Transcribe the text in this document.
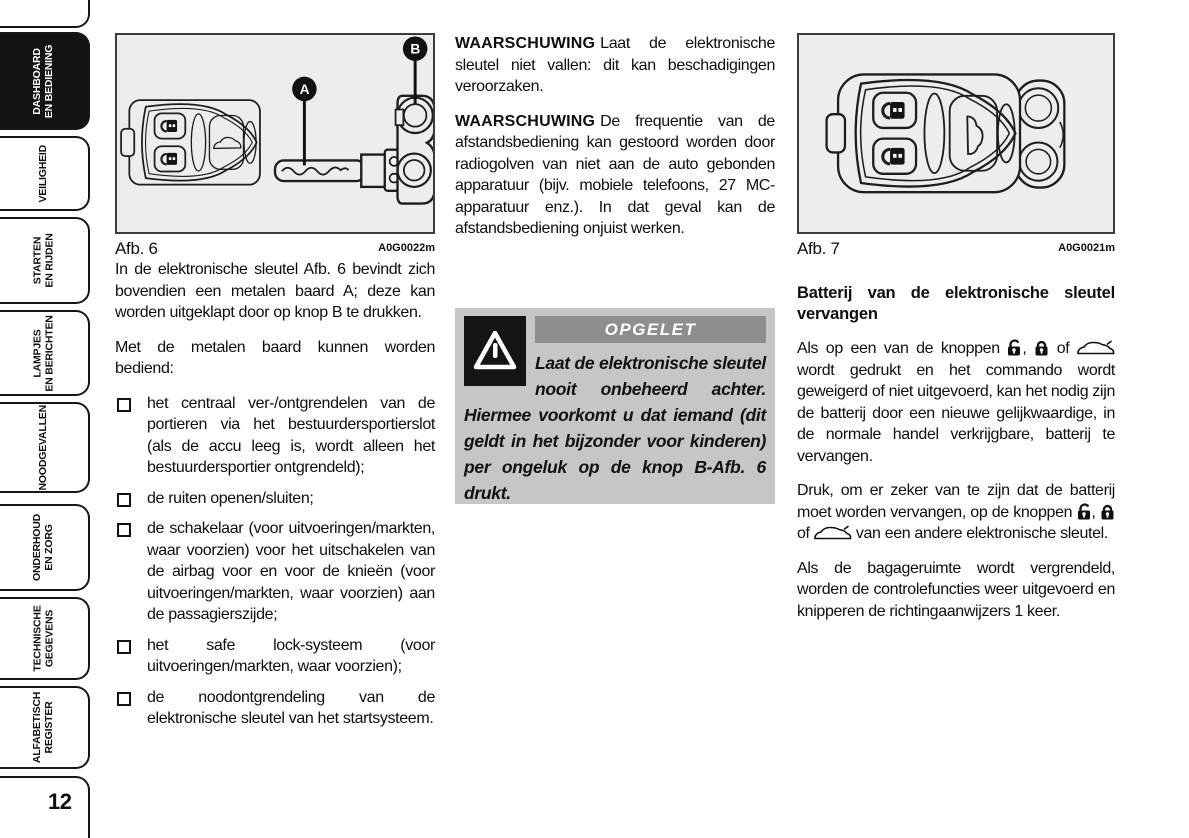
DASHBOARD EN BEDIENING
VEILIGHEID
STARTEN EN RIJDEN
LAMPJES EN BERICHTEN
NOODGEVALLEN
ONDERHOUD EN ZORG
TECHNISCHE GEGEVENS
ALFABETISCH REGISTER
12
A
B
Afb. 6	A0G0022m

In de elektronische sleutel Afb. 6 bevindt zich bovendien een metalen baard A; deze kan worden uitgeklapt door op knop B te drukken.

Met de metalen baard kunnen worden bediend:

het centraal ver-/ontgrendelen van de portieren via het bestuurdersportierslot (als de accu leeg is, wordt alleen het bestuurdersportier ontgrendeld);
de ruiten openen/sluiten;
de schakelaar (voor uitvoeringen/markten, waar voorzien) voor het uitschakelen van de airbag voor en voor de knieën (voor uitvoeringen/markten, waar voorzien) aan de passagierszijde;
het safe lock-systeem (voor uitvoeringen/markten, waar voorzien);
de noodontgrendeling van de elektronische sleutel van het startsysteem.

WAARSCHUWING Laat de elektronische sleutel niet vallen: dit kan beschadigingen veroorzaken.

WAARSCHUWING De frequentie van de afstandsbediening kan gestoord worden door radiogolven van niet aan de auto gebonden apparatuur (bijv. mobiele telefoons, 27 MC-apparatuur enz.). In dat geval kan de afstandsbediening onjuist werken.

OPGELET
Laat de elektronische sleutel nooit onbeheerd achter. Hiermee voorkomt u dat iemand (dit geldt in het bijzonder voor kinderen) per ongeluk op de knop B-Afb. 6 drukt.
Afb. 7	A0G0021m
Batterij van de elektronische sleutel vervangen

Als op een van de knoppen ,  of  wordt gedrukt en het commando wordt geweigerd of niet uitgevoerd, kan het nodig zijn de batterij door een nieuwe gelijkwaardige, in de normale handel verkrijgbare, batterij te vervangen.

Druk, om er zeker van te zijn dat de batterij moet worden vervangen, op de knoppen ,  of  van een andere elektronische sleutel.

Als de bagageruimte wordt vergrendeld, worden de controlefuncties weer uitgevoerd en knipperen de richtingaanwijzers 1 keer.
